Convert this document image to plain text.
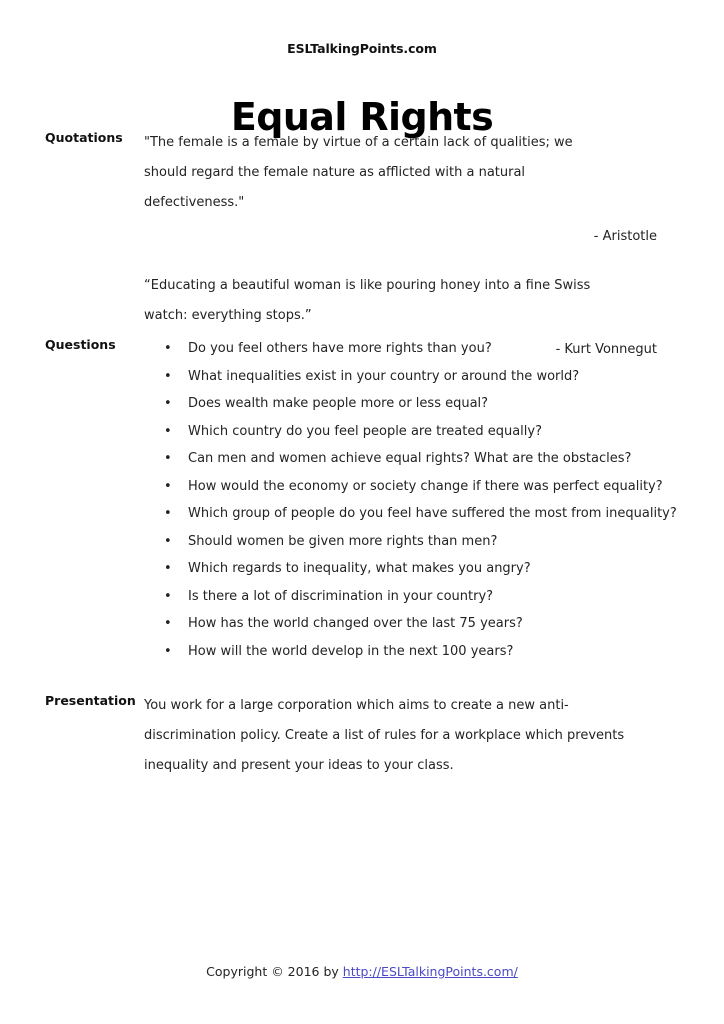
ESLTalkingPoints.com
Equal Rights
Quotations	"The female is a female by virtue of a certain lack of qualities; we should regard the female nature as afflicted with a natural defectiveness."
- Aristotle
“Educating a beautiful woman is like pouring honey into a fine Swiss watch: everything stops.”
- Kurt Vonnegut
Questions	• Do you feel others have more rights than you?
• What inequalities exist in your country or around the world?
• Does wealth make people more or less equal?
• Which country do you feel people are treated equally?
• Can men and women achieve equal rights? What are the obstacles?
• How would the economy or society change if there was perfect equality?
• Which group of people do you feel have suffered the most from inequality?
• Should women be given more rights than men?
• Which regards to inequality, what makes you angry?
• Is there a lot of discrimination in your country?
• How has the world changed over the last 75 years?
• How will the world develop in the next 100 years?
Presentation You work for a large corporation which aims to create a new anti-discrimination policy. Create a list of rules for a workplace which prevents inequality and present your ideas to your class.
Copyright © 2016 by http://ESLTalkingPoints.com/
